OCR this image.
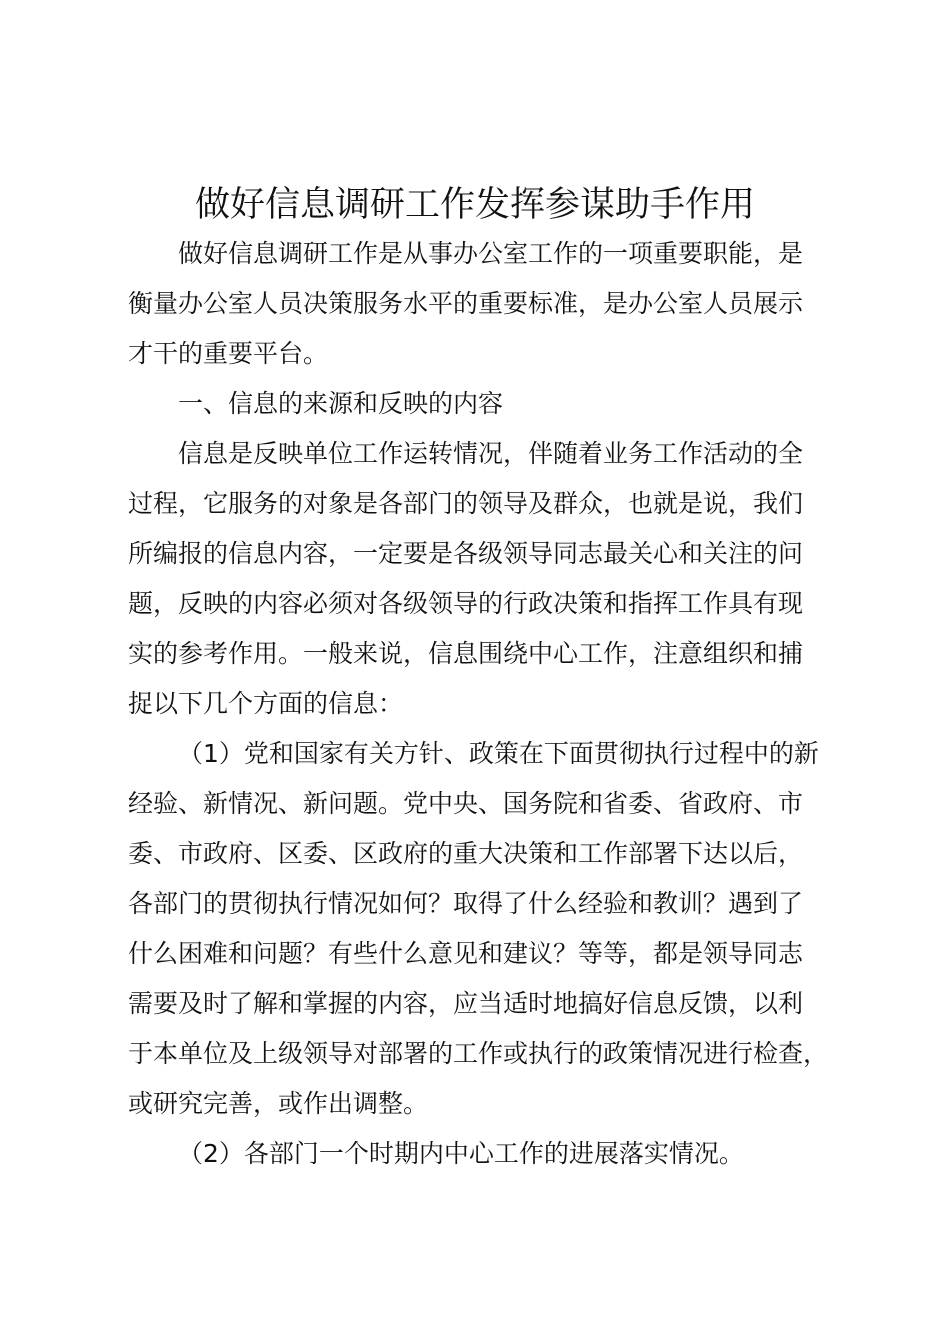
做好信息调研工作发挥参谋助手作用
做好信息调研工作是从事办公室工作的一项重要职能，是
衡量办公室人员决策服务水平的重要标准，是办公室人员展示
才干的重要平台。
一、信息的来源和反映的内容
信息是反映单位工作运转情况，伴随着业务工作活动的全
过程，它服务的对象是各部门的领导及群众，也就是说，我们
所编报的信息内容，一定要是各级领导同志最关心和关注的问
题，反映的内容必须对各级领导的行政决策和指挥工作具有现
实的参考作用。一般来说，信息围绕中心工作，注意组织和捕
捉以下几个方面的信息：
（1）党和国家有关方针、政策在下面贯彻执行过程中的新
经验、新情况、新问题。党中央、国务院和省委、省政府、市
委、市政府、区委、区政府的重大决策和工作部署下达以后，
各部门的贯彻执行情况如何？取得了什么经验和教训？遇到了
什么困难和问题？有些什么意见和建议？等等，都是领导同志
需要及时了解和掌握的内容，应当适时地搞好信息反馈，以利
于本单位及上级领导对部署的工作或执行的政策情况进行检查，
或研究完善，或作出调整。
（2）各部门一个时期内中心工作的进展落实情况。
